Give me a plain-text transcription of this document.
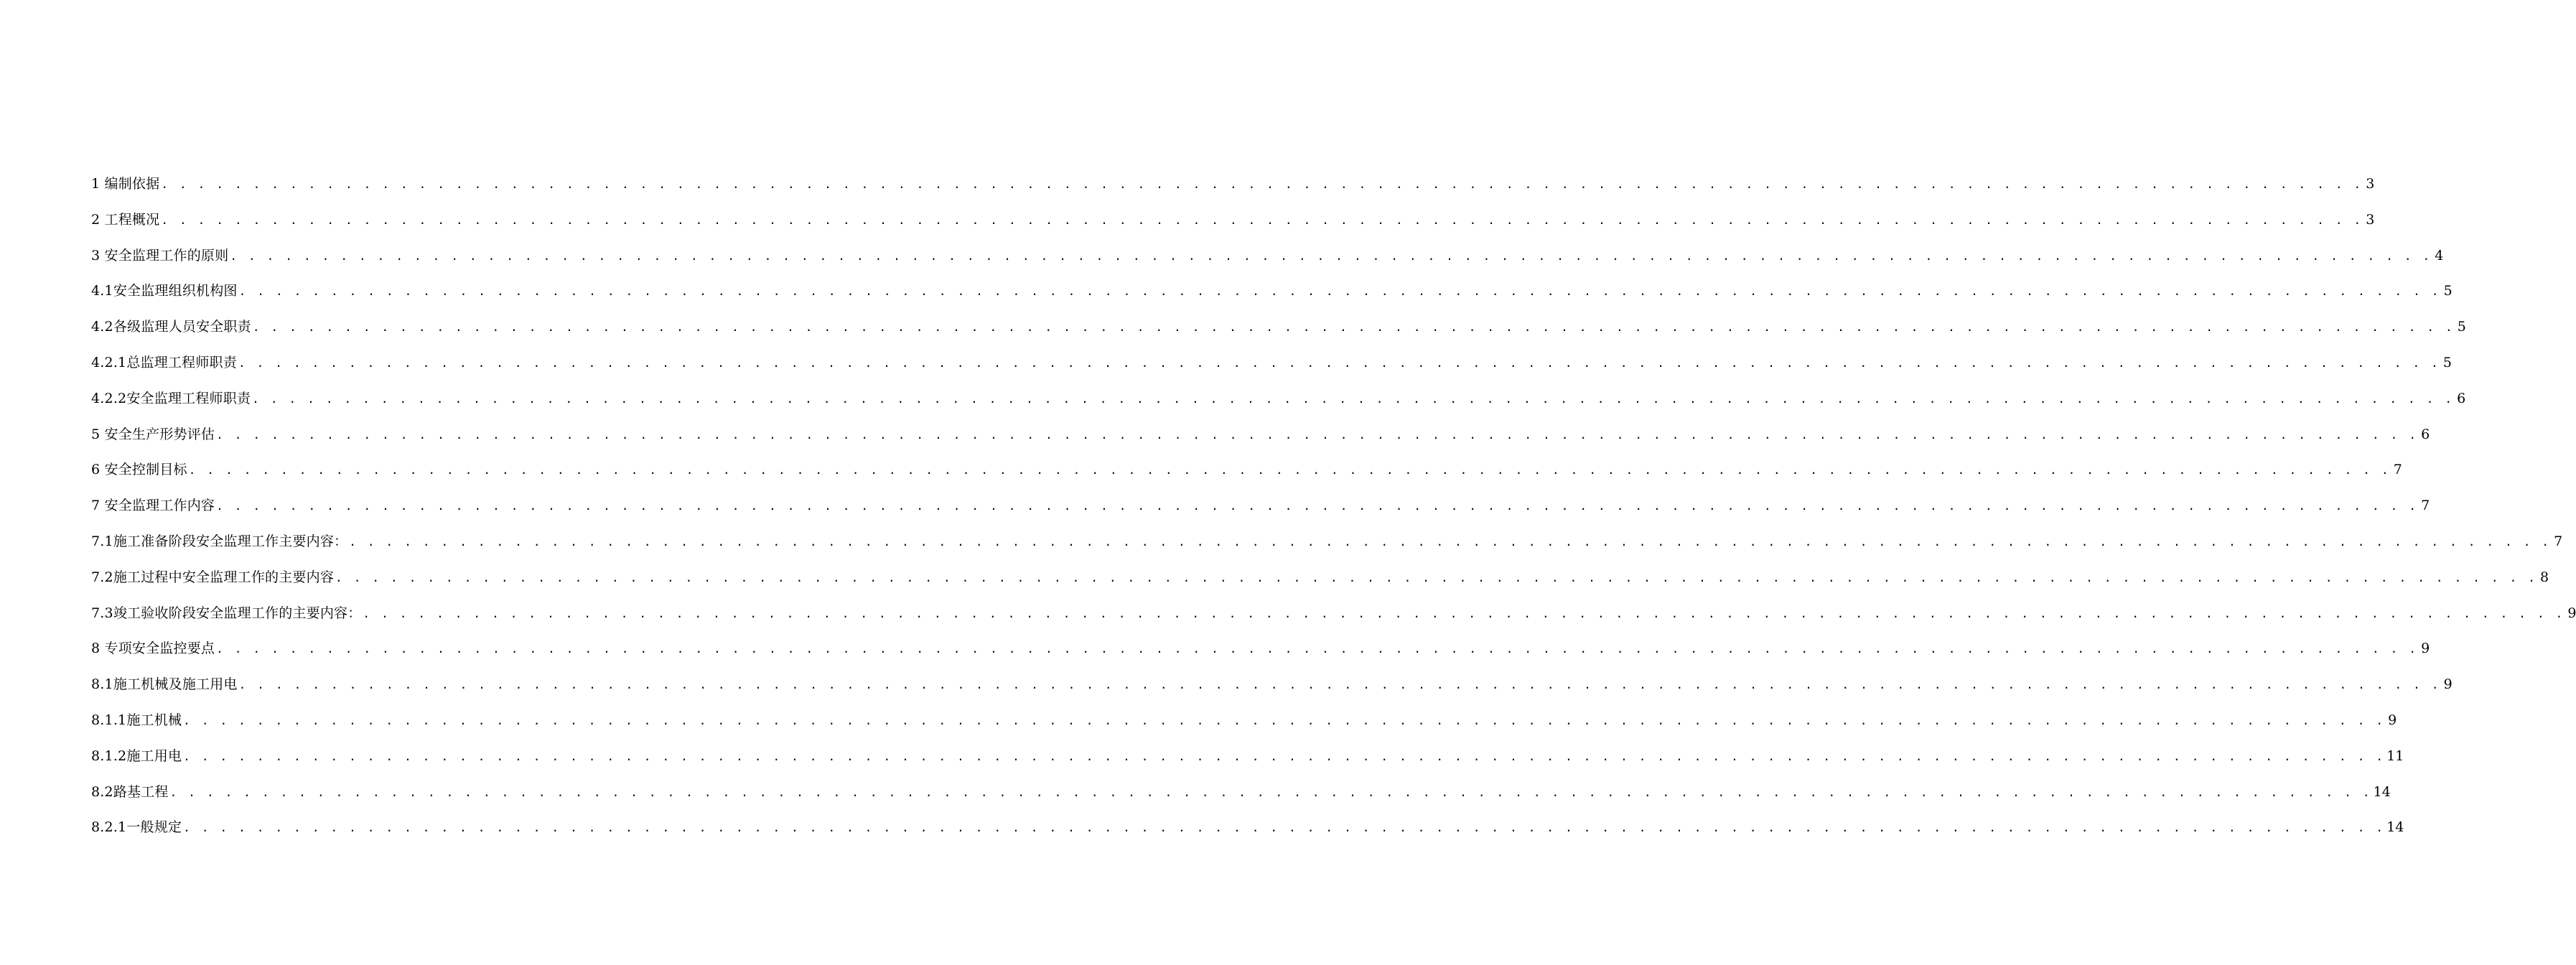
1 编制依据 . . . . . . . . . . . . . . . . . . . . . . . . . . . . . . . . . . . . . . . . . . . . . . . . . . . . . . . . . . . . . . . . . . . . . . . . . . . . . . . . . . . . . . . . . . . . . . . . . . . . . . . . . . . . . . . . . . . . . . . . 3
2 工程概况 . . . . . . . . . . . . . . . . . . . . . . . . . . . . . . . . . . . . . . . . . . . . . . . . . . . . . . . . . . . . . . . . . . . . . . . . . . . . . . . . . . . . . . . . . . . . . . . . . . . . . . . . . . . . . . . . . . . . . . . . 3
3 安全监理工作的原则 . . . . . . . . . . . . . . . . . . . . . . . . . . . . . . . . . . . . . . . . . . . . . . . . . . . . . . . . . . . . . . . . . . . . . . . . . . . . . . . . . . . . . . . . . . . . . . . . . . . . . . . . . . . . . . . . . . . . . . . . 4
4.1安全监理组织机构图 . . . . . . . . . . . . . . . . . . . . . . . . . . . . . . . . . . . . . . . . . . . . . . . . . . . . . . . . . . . . . . . . . . . . . . . . . . . . . . . . . . . . . . . . . . . . . . . . . . . . . . . . . . . . . . . . . . . . . . . . 5
4.2各级监理人员安全职责 . . . . . . . . . . . . . . . . . . . . . . . . . . . . . . . . . . . . . . . . . . . . . . . . . . . . . . . . . . . . . . . . . . . . . . . . . . . . . . . . . . . . . . . . . . . . . . . . . . . . . . . . . . . . . . . . . . . . . . . . 5
4.2.1总监理工程师职责 . . . . . . . . . . . . . . . . . . . . . . . . . . . . . . . . . . . . . . . . . . . . . . . . . . . . . . . . . . . . . . . . . . . . . . . . . . . . . . . . . . . . . . . . . . . . . . . . . . . . . . . . . . . . . . . . . . . . . . . . 5
4.2.2安全监理工程师职责 . . . . . . . . . . . . . . . . . . . . . . . . . . . . . . . . . . . . . . . . . . . . . . . . . . . . . . . . . . . . . . . . . . . . . . . . . . . . . . . . . . . . . . . . . . . . . . . . . . . . . . . . . . . . . . . . . . . . . . . . 6
5 安全生产形势评估 . . . . . . . . . . . . . . . . . . . . . . . . . . . . . . . . . . . . . . . . . . . . . . . . . . . . . . . . . . . . . . . . . . . . . . . . . . . . . . . . . . . . . . . . . . . . . . . . . . . . . . . . . . . . . . . . . . . . . . . . 6
6 安全控制目标 . . . . . . . . . . . . . . . . . . . . . . . . . . . . . . . . . . . . . . . . . . . . . . . . . . . . . . . . . . . . . . . . . . . . . . . . . . . . . . . . . . . . . . . . . . . . . . . . . . . . . . . . . . . . . . . . . . . . . . . . 7
7 安全监理工作内容 . . . . . . . . . . . . . . . . . . . . . . . . . . . . . . . . . . . . . . . . . . . . . . . . . . . . . . . . . . . . . . . . . . . . . . . . . . . . . . . . . . . . . . . . . . . . . . . . . . . . . . . . . . . . . . . . . . . . . . . . 7
7.1施工准备阶段安全监理工作主要内容： . . . . . . . . . . . . . . . . . . . . . . . . . . . . . . . . . . . . . . . . . . . . . . . . . . . . . . . . . . . . . . . . . . . . . . . . . . . . . . . . . . . . . . . . . . . . . . . . . . . . . . . . . . . . . . . . . . . . . . . . 7
7.2施工过程中安全监理工作的主要内容 . . . . . . . . . . . . . . . . . . . . . . . . . . . . . . . . . . . . . . . . . . . . . . . . . . . . . . . . . . . . . . . . . . . . . . . . . . . . . . . . . . . . . . . . . . . . . . . . . . . . . . . . . . . . . . . . . . . . . . . . 8
7.3竣工验收阶段安全监理工作的主要内容： . . . . . . . . . . . . . . . . . . . . . . . . . . . . . . . . . . . . . . . . . . . . . . . . . . . . . . . . . . . . . . . . . . . . . . . . . . . . . . . . . . . . . . . . . . . . . . . . . . . . . . . . . . . . . . . . . . . . . . . . 9
8 专项安全监控要点 . . . . . . . . . . . . . . . . . . . . . . . . . . . . . . . . . . . . . . . . . . . . . . . . . . . . . . . . . . . . . . . . . . . . . . . . . . . . . . . . . . . . . . . . . . . . . . . . . . . . . . . . . . . . . . . . . . . . . . . . 9
8.1施工机械及施工用电 . . . . . . . . . . . . . . . . . . . . . . . . . . . . . . . . . . . . . . . . . . . . . . . . . . . . . . . . . . . . . . . . . . . . . . . . . . . . . . . . . . . . . . . . . . . . . . . . . . . . . . . . . . . . . . . . . . . . . . . . 9
8.1.1施工机械 . . . . . . . . . . . . . . . . . . . . . . . . . . . . . . . . . . . . . . . . . . . . . . . . . . . . . . . . . . . . . . . . . . . . . . . . . . . . . . . . . . . . . . . . . . . . . . . . . . . . . . . . . . . . . . . . . . . . . . . . 9
8.1.2施工用电 . . . . . . . . . . . . . . . . . . . . . . . . . . . . . . . . . . . . . . . . . . . . . . . . . . . . . . . . . . . . . . . . . . . . . . . . . . . . . . . . . . . . . . . . . . . . . . . . . . . . . . . . . . . . . . . . . . . . . . . . 11
8.2路基工程 . . . . . . . . . . . . . . . . . . . . . . . . . . . . . . . . . . . . . . . . . . . . . . . . . . . . . . . . . . . . . . . . . . . . . . . . . . . . . . . . . . . . . . . . . . . . . . . . . . . . . . . . . . . . . . . . . . . . . . . . 14
8.2.1一般规定 . . . . . . . . . . . . . . . . . . . . . . . . . . . . . . . . . . . . . . . . . . . . . . . . . . . . . . . . . . . . . . . . . . . . . . . . . . . . . . . . . . . . . . . . . . . . . . . . . . . . . . . . . . . . . . . . . . . . . . . . 14
